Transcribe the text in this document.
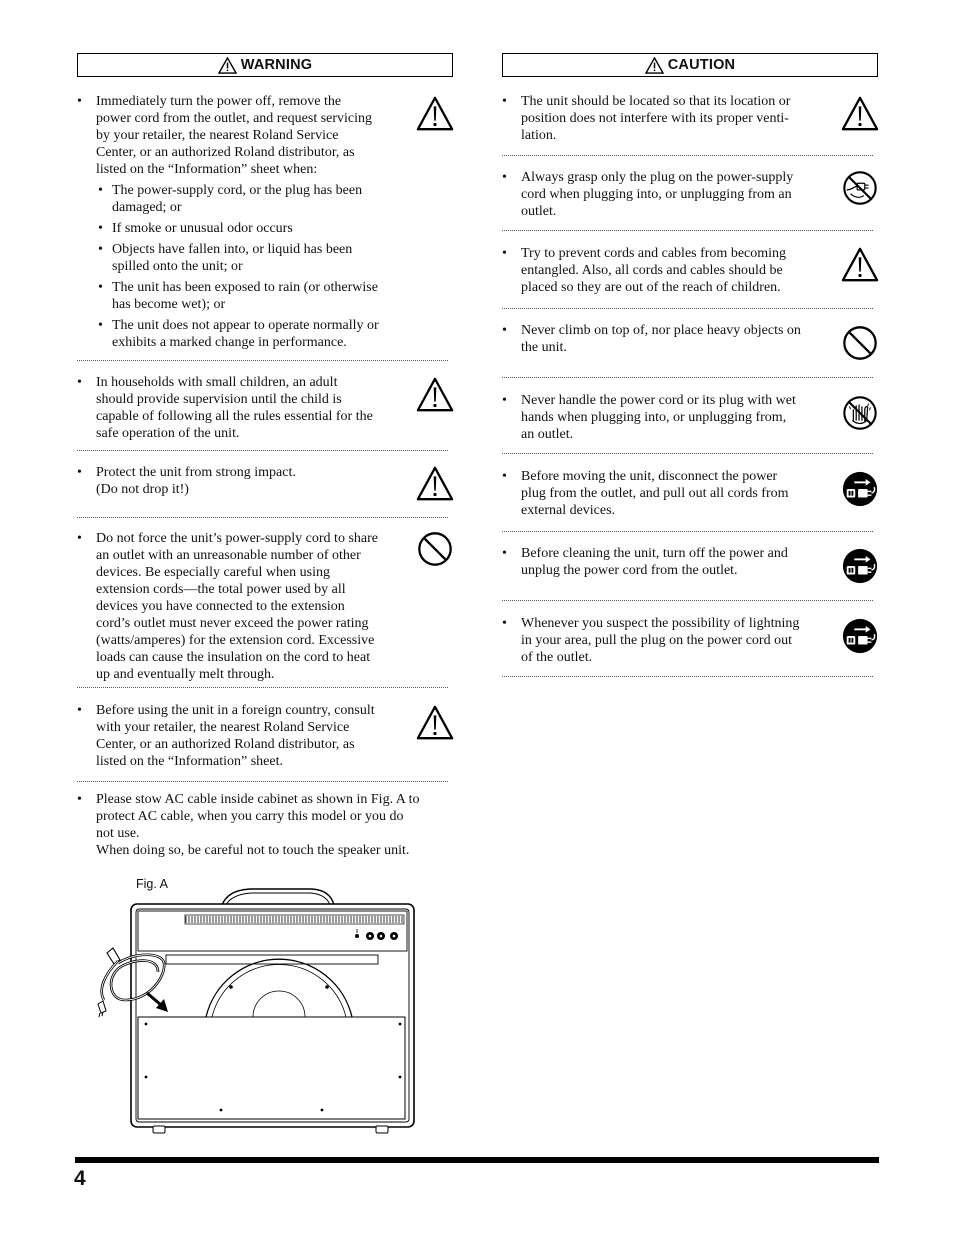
WARNING
• Immediately turn the power off, remove the
power cord from the outlet, and request servicing
by your retailer, the nearest Roland Service
Center, or an authorized Roland distributor, as
listed on the “Information” sheet when:
• The power-supply cord, or the plug has been
damaged; or
• If smoke or unusual odor occurs
• Objects have fallen into, or liquid has been
spilled onto the unit; or
• The unit has been exposed to rain (or otherwise
has become wet); or
• The unit does not appear to operate normally or
exhibits a marked change in performance.
• In households with small children, an adult
should provide supervision until the child is
capable of following all the rules essential for the
safe operation of the unit.
• Protect the unit from strong impact.
(Do not drop it!)
• Do not force the unit’s power-supply cord to share
an outlet with an unreasonable number of other
devices. Be especially careful when using
extension cords—the total power used by all
devices you have connected to the extension
cord’s outlet must never exceed the power rating
(watts/amperes) for the extension cord. Excessive
loads can cause the insulation on the cord to heat
up and eventually melt through.
• Before using the unit in a foreign country, consult
with your retailer, the nearest Roland Service
Center, or an authorized Roland distributor, as
listed on the “Information” sheet.
• Please stow AC cable inside cabinet as shown in Fig. A to
protect AC cable, when you carry this model or you do
not use.
When doing so, be careful not to touch the speaker unit.
Fig. A
CAUTION
• The unit should be located so that its location or
position does not interfere with its proper venti-
lation.
• Always grasp only the plug on the power-supply
cord when plugging into, or unplugging from an
outlet.
• Try to prevent cords and cables from becoming
entangled. Also, all cords and cables should be
placed so they are out of the reach of children.
• Never climb on top of, nor place heavy objects on
the unit.
• Never handle the power cord or its plug with wet
hands when plugging into, or unplugging from,
an outlet.
• Before moving the unit, disconnect the power
plug from the outlet, and pull out all cords from
external devices.
• Before cleaning the unit, turn off the power and
unplug the power cord from the outlet.
• Whenever you suspect the possibility of lightning
in your area, pull the plug on the power cord out
of the outlet.
4
